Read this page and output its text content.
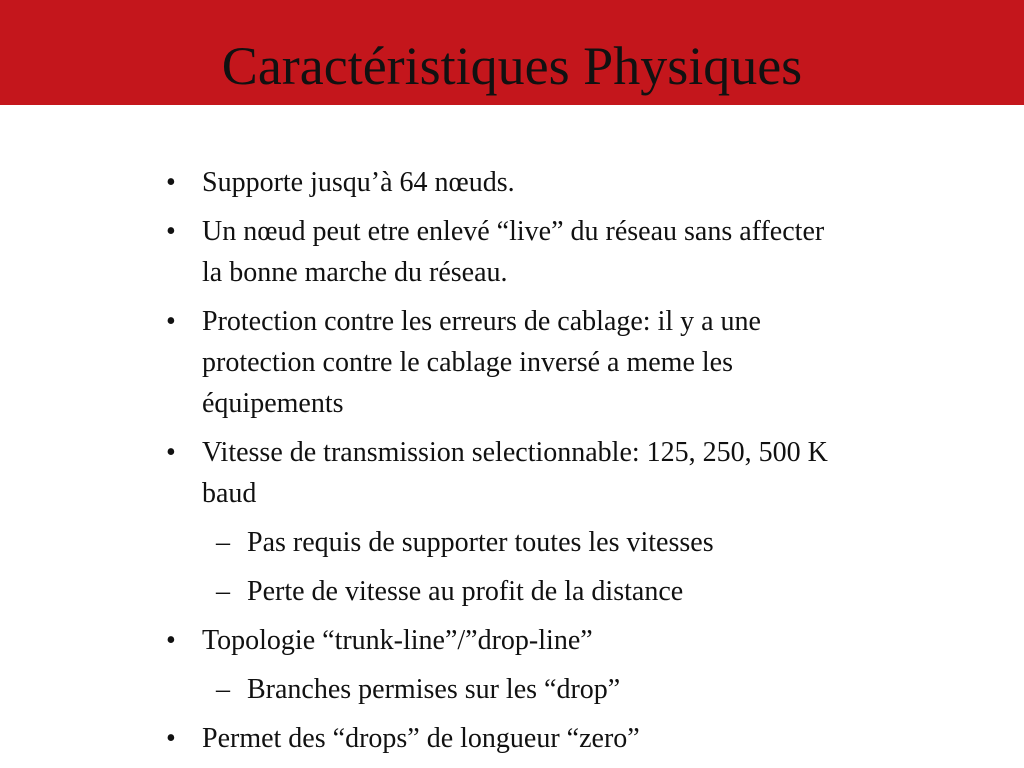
Caractéristiques Physiques
• Supporte jusqu’à 64 nœuds.
• Un nœud peut etre enlevé “live” du réseau sans affecter la bonne marche du réseau.
• Protection contre les erreurs de cablage: il y a une protection contre le cablage inversé a meme les équipements
• Vitesse de transmission selectionnable: 125, 250, 500 K baud
– Pas requis de supporter toutes les vitesses
– Perte de vitesse au profit de la distance
• Topologie “trunk-line”/”drop-line”
– Branches permises sur les “drop”
• Permet des “drops” de longueur “zero”
